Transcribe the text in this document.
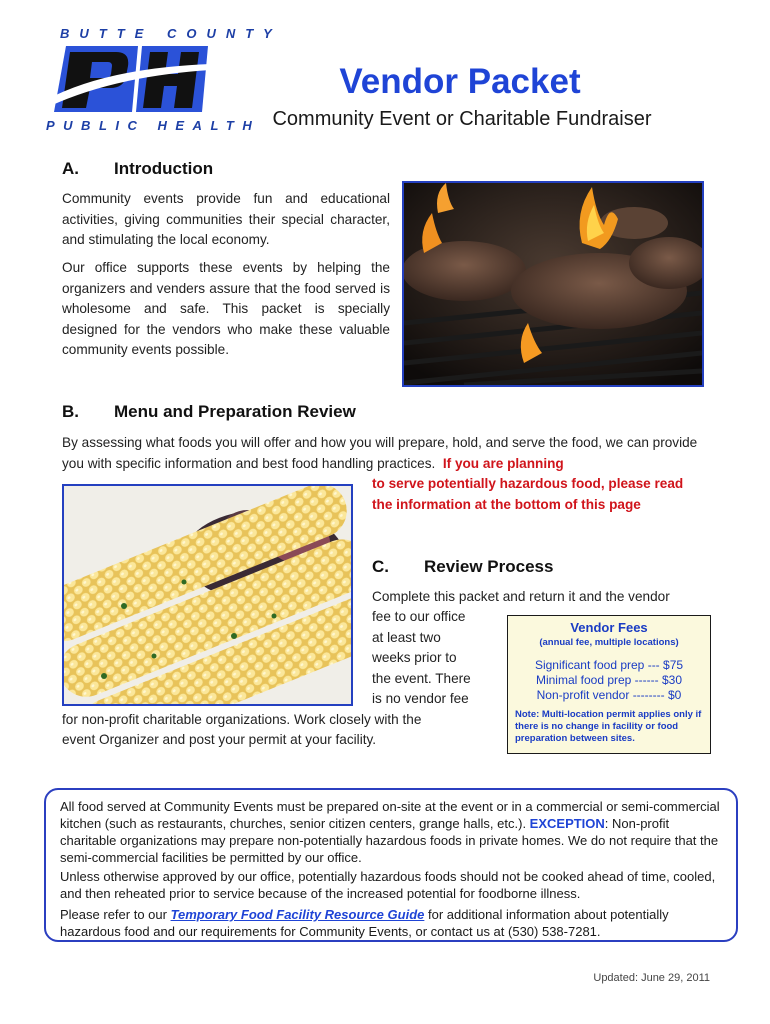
BUTTE COUNTY
PUBLIC HEALTH
Vendor Packet
Community Event or Charitable Fundraiser
A. Introduction
Community events provide fun and educational activities, giving communities their special character, and stimulating the local economy.
Our office supports these events by helping the organizers and venders assure that the food served is wholesome and safe. This packet is specially designed for the vendors who make these valuable community events possible.
B. Menu and Preparation Review
By assessing what foods you will offer and how you will prepare, hold, and serve the food, we can provide you with specific information and best food handling practices. If you are planning
to serve potentially hazardous food, please read
the information at the bottom of this page
C. Review Process
Complete this packet and return it and the vendor
fee to our office
at least two
weeks prior to
the event. There
is no vendor fee
for non-profit charitable organizations. Work closely with the
event Organizer and post your permit at your facility.
Vendor Fees
(annual fee, multiple locations)
Significant food prep --- $75
Minimal food prep ------ $30
Non-profit vendor -------- $0
Note: Multi-location permit applies only if there is no change in facility or food preparation between sites.

All food served at Community Events must be prepared on-site at the event or in a commercial or semi-commercial kitchen (such as restaurants, churches, senior citizen centers, grange halls, etc.). EXCEPTION: Non-profit charitable organizations may prepare non-potentially hazardous foods in private homes. We do not require that the semi-commercial facilities be permitted by our office.

Unless otherwise approved by our office, potentially hazardous foods should not be cooked ahead of time, cooled, and then reheated prior to service because of the increased potential for foodborne illness.

Please refer to our Temporary Food Facility Resource Guide for additional information about potentially hazardous food and our requirements for Community Events, or contact us at (530) 538-7281.

Updated: June 29, 2011
